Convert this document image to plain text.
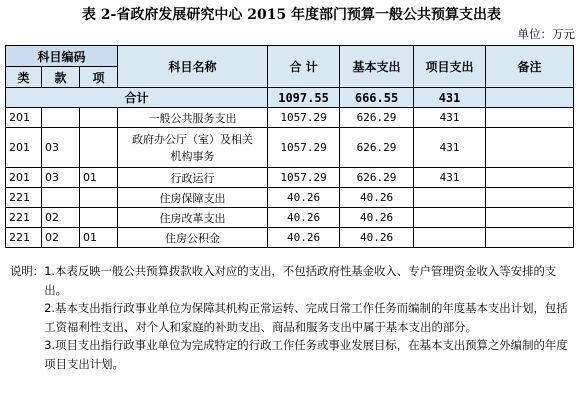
表 2-省政府发展研究中心 2015 年度部门预算一般公共预算支出表
单位：万元
科目编码			科目名称	合 计	基本支出	项目支出	备注
类	款	项					
合计				1097.55	666.55	431	
201			一般公共服务支出	1057.29	626.29	431	
201	03		政府办公厅（室）及相关机构事务	1057.29	626.29	431	
201	03	01	行政运行	1057.29	626.29	431	
221			住房保障支出	40.26	40.26		
221	02		住房改革支出	40.26	40.26		
221	02	01	住房公积金	40.26	40.26		
说明： 1.本表反映一般公共预算拨款收入对应的支出，不包括政府性基金收入、专户管理资金收入等安排的支出。
2.基本支出指行政事业单位为保障其机构正常运转、完成日常工作任务而编制的年度基本支出计划，包括工资福利性支出、对个人和家庭的补助支出、商品和服务支出中属于基本支出的部分。
3.项目支出指行政事业单位为完成特定的行政工作任务或事业发展目标，在基本支出预算之外编制的年度项目支出计划。
